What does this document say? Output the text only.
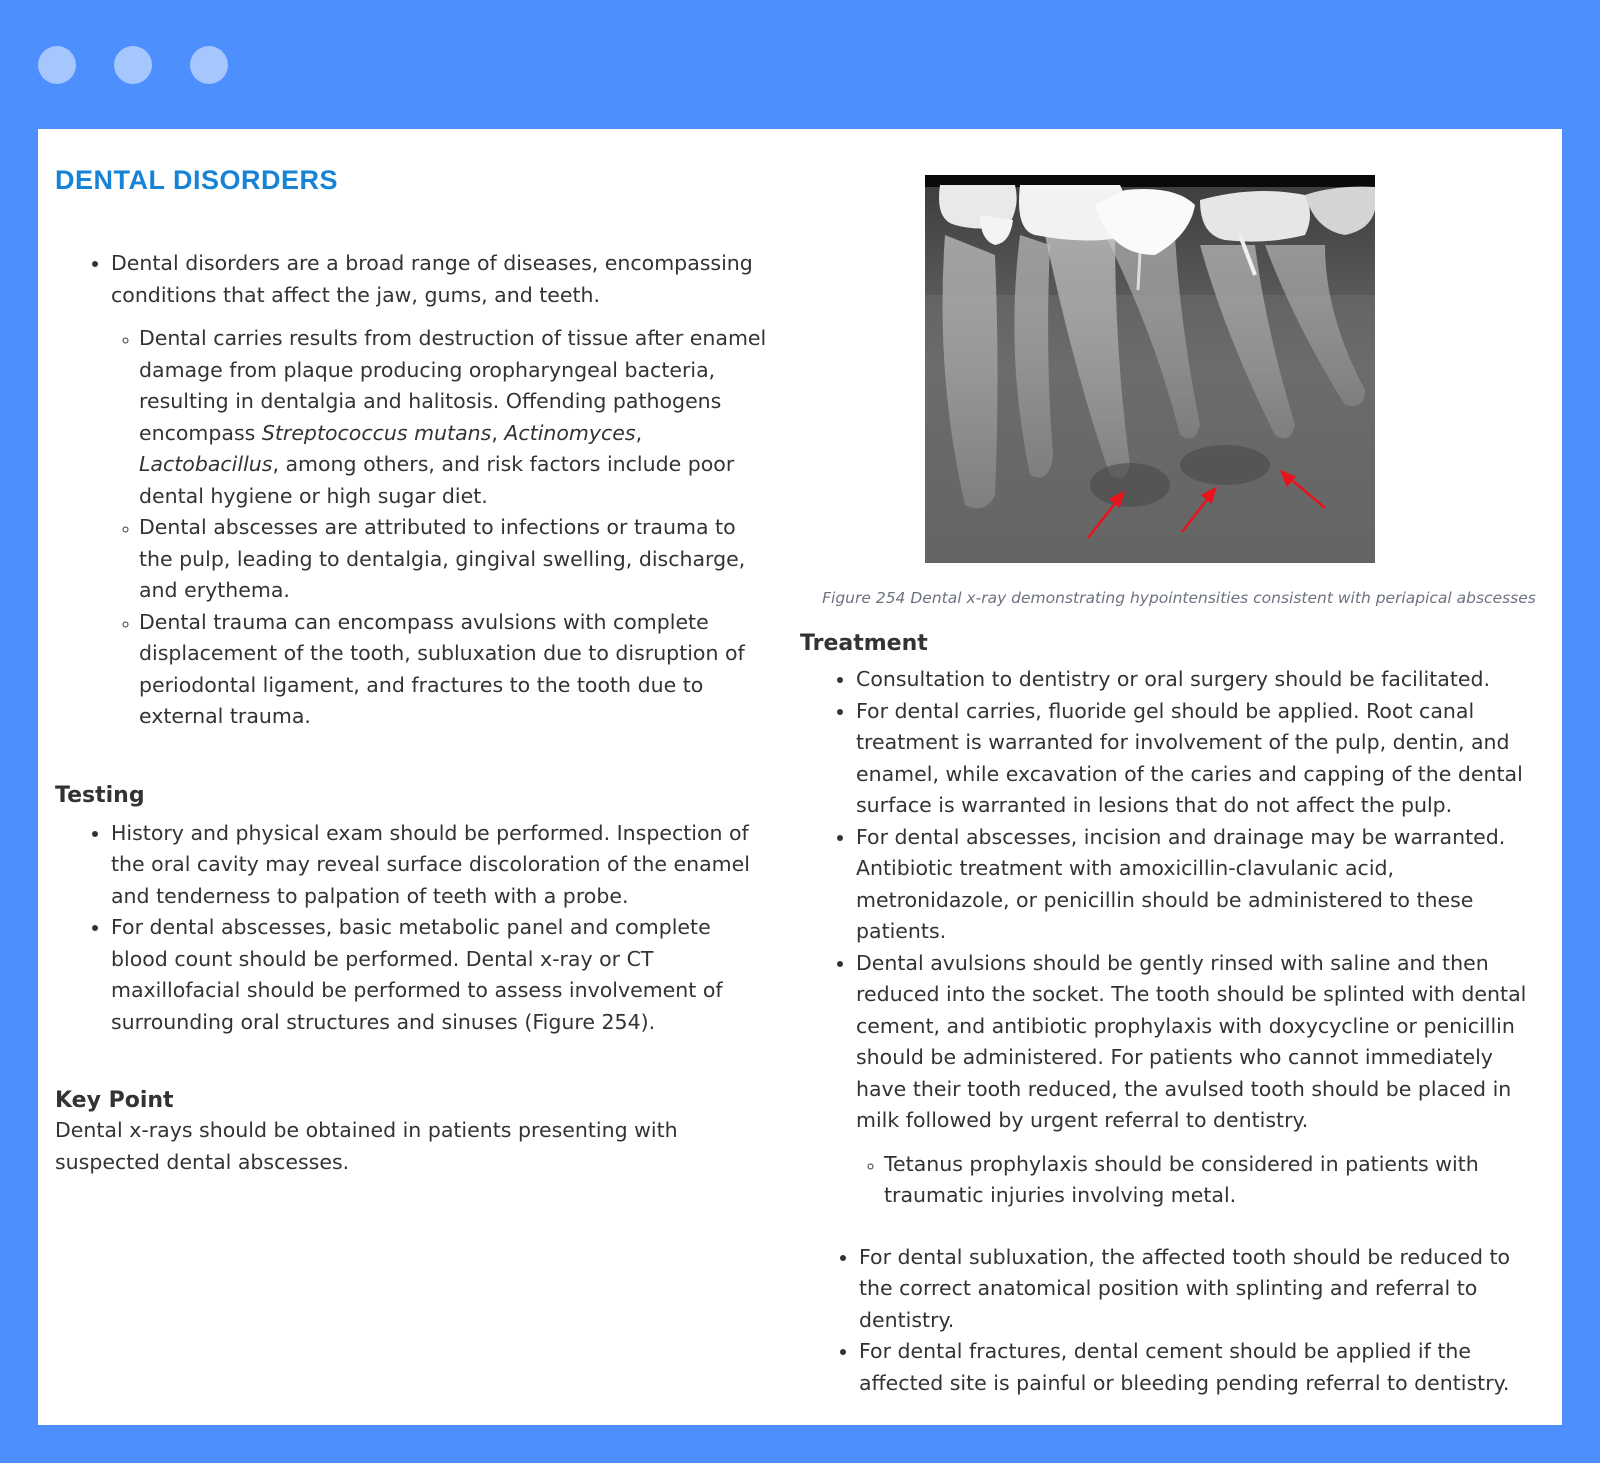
DENTAL DISORDERS
• Dental disorders are a broad range of diseases, encompassing conditions that affect the jaw, gums, and teeth.
◦ Dental carries results from destruction of tissue after enamel damage from plaque producing oropharyngeal bacteria, resulting in dentalgia and halitosis. Offending pathogens encompass Streptococcus mutans, Actinomyces, Lactobacillus, among others, and risk factors include poor dental hygiene or high sugar diet.
◦ Dental abscesses are attributed to infections or trauma to the pulp, leading to dentalgia, gingival swelling, discharge, and erythema.
◦ Dental trauma can encompass avulsions with complete displacement of the tooth, subluxation due to disruption of periodontal ligament, and fractures to the tooth due to external trauma.
Testing
• History and physical exam should be performed. Inspection of the oral cavity may reveal surface discoloration of the enamel and tenderness to palpation of teeth with a probe.
• For dental abscesses, basic metabolic panel and complete blood count should be performed. Dental x-ray or CT maxillofacial should be performed to assess involvement of surrounding oral structures and sinuses (Figure 254).
Key Point

Dental x-rays should be obtained in patients presenting with suspected dental abscesses.

Figure 254 Dental x-ray demonstrating hypointensities consistent with periapical abscesses
Treatment
• Consultation to dentistry or oral surgery should be facilitated.
• For dental carries, fluoride gel should be applied. Root canal treatment is warranted for involvement of the pulp, dentin, and enamel, while excavation of the caries and capping of the dental surface is warranted in lesions that do not affect the pulp.
• For dental abscesses, incision and drainage may be warranted. Antibiotic treatment with amoxicillin-clavulanic acid, metronidazole, or penicillin should be administered to these patients.
• Dental avulsions should be gently rinsed with saline and then reduced into the socket. The tooth should be splinted with dental cement, and antibiotic prophylaxis with doxycycline or penicillin should be administered. For patients who cannot immediately have their tooth reduced, the avulsed tooth should be placed in milk followed by urgent referral to dentistry.
◦ Tetanus prophylaxis should be considered in patients with traumatic injuries involving metal.
• For dental subluxation, the affected tooth should be reduced to the correct anatomical position with splinting and referral to dentistry.
• For dental fractures, dental cement should be applied if the affected site is painful or bleeding pending referral to dentistry.
